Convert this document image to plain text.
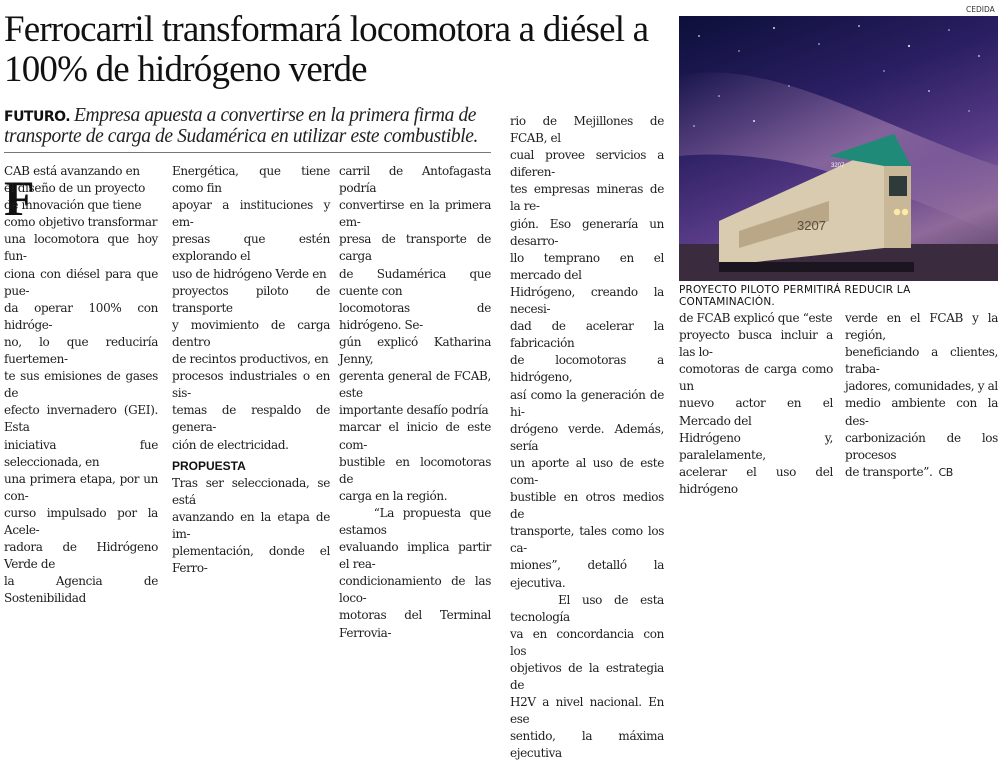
Ferrocarril transformará locomotora a diésel a 100% de hidrógeno verde
FUTURO. Empresa apuesta a convertirse en la primera firma de transporte de carga de Sudamérica en utilizar este combustible.
F

CAB está avanzando en
el diseño de un proyecto
de innovación que tiene
como objetivo transformar
una locomotora que hoy fun-
ciona con diésel para que pue-
da operar 100% con hidróge-
no, lo que reduciría fuertemen-
te sus emisiones de gases de
efecto invernadero (GEI). Esta
iniciativa fue seleccionada, en
una primera etapa, por un con-
curso impulsado por la Acele-
radora de Hidrógeno Verde de
la Agencia de Sostenibilidad

Energética, que tiene como fin
apoyar a instituciones y em-
presas que estén explorando el
uso de hidrógeno Verde en
proyectos piloto de transporte
y movimiento de carga dentro
de recintos productivos, en
procesos industriales o en sis-
temas de respaldo de genera-
ción de electricidad.
PROPUESTA
Tras ser seleccionada, se está
avanzando en la etapa de im-
plementación, donde el Ferro-

carril de Antofagasta podría
convertirse en la primera em-
presa de transporte de carga
de Sudamérica que cuente con
locomotoras de hidrógeno. Se-
gún explicó Katharina Jenny,
gerenta general de FCAB, este
importante desafío podría
marcar el inicio de este com-
bustible en locomotoras de
carga en la región.
“La propuesta que estamos
evaluando implica partir el rea-
condicionamiento de las loco-
motoras del Terminal Ferrovia-

rio de Mejillones de FCAB, el
cual provee servicios a diferen-
tes empresas mineras de la re-
gión. Eso generaría un desarro-
llo temprano en el mercado del
Hidrógeno, creando la necesi-
dad de acelerar la fabricación
de locomotoras a hidrógeno,
así como la generación de hi-
drógeno verde. Además, sería
un aporte al uso de este com-
bustible en otros medios de
transporte, tales como los ca-
miones”, detalló la ejecutiva.
El uso de esta tecnología
va en concordancia con los
objetivos de la estrategia de
H2V a nivel nacional. En ese
sentido, la máxima ejecutiva

3207
3207
CEDIDA
PROYECTO PILOTO PERMITIRÁ REDUCIR LA CONTAMINACIÓN.

de FCAB explicó que “este
proyecto busca incluir a las lo-
comotoras de carga como un
nuevo actor en el Mercado del
Hidrógeno y, paralelamente,
acelerar el uso del hidrógeno

verde en el FCAB y la región,
beneficiando a clientes, traba-
jadores, comunidades, y al
medio ambiente con la des-
carbonización de los procesos
de transporte”. CB
